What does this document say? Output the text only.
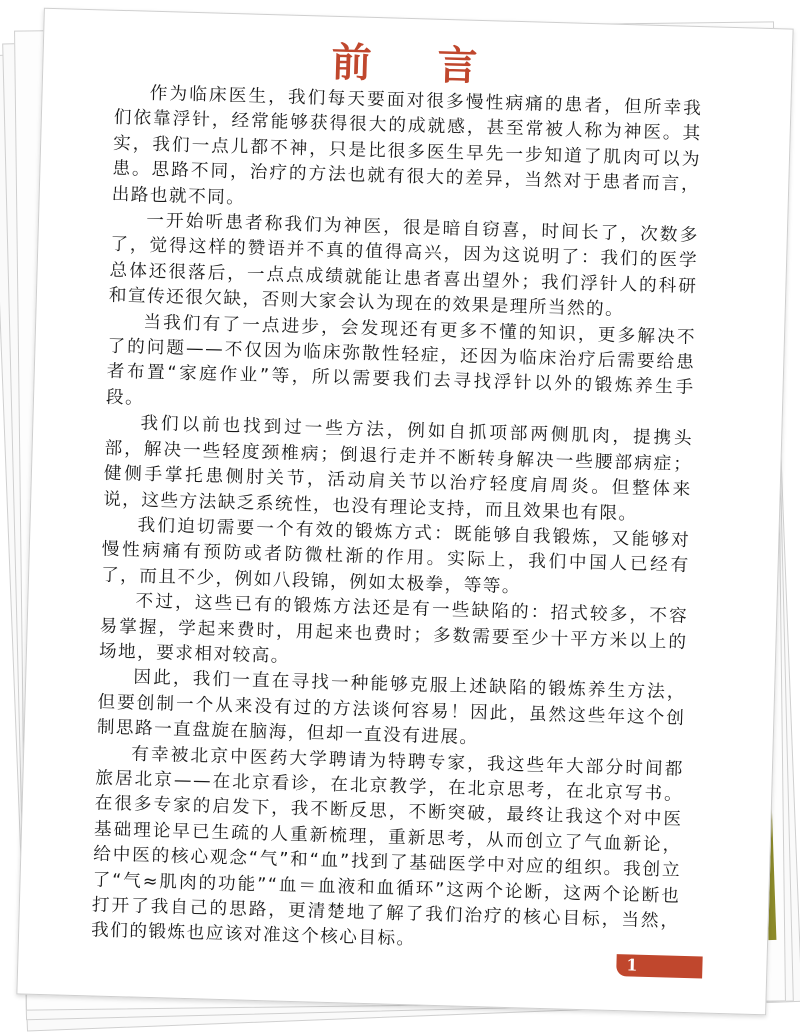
前 言

作为临床医生，我们每天要面对很多慢性病痛的患者，但所幸我们依靠浮针，经常能够获得很大的成就感，甚至常被人称为神医。其实，我们一点儿都不神，只是比很多医生早先一步知道了肌肉可以为患。思路不同，治疗的方法也就有很大的差异，当然对于患者而言，出路也就不同。

一开始听患者称我们为神医，很是暗自窃喜，时间长了，次数多了，觉得这样的赞语并不真的值得高兴，因为这说明了：我们的医学总体还很落后，一点点成绩就能让患者喜出望外；我们浮针人的科研和宣传还很欠缺，否则大家会认为现在的效果是理所当然的。

当我们有了一点进步，会发现还有更多不懂的知识，更多解决不了的问题——不仅因为临床弥散性轻症，还因为临床治疗后需要给患者布置“家庭作业”等，所以需要我们去寻找浮针以外的锻炼养生手段。

我们以前也找到过一些方法，例如自抓项部两侧肌肉，提携头部，解决一些轻度颈椎病；倒退行走并不断转身解决一些腰部病症；健侧手掌托患侧肘关节，活动肩关节以治疗轻度肩周炎。但整体来说，这些方法缺乏系统性，也没有理论支持，而且效果也有限。

我们迫切需要一个有效的锻炼方式：既能够自我锻炼，又能够对慢性病痛有预防或者防微杜渐的作用。实际上，我们中国人已经有了，而且不少，例如八段锦，例如太极拳，等等。

不过，这些已有的锻炼方法还是有一些缺陷的：招式较多，不容易掌握，学起来费时，用起来也费时；多数需要至少十平方米以上的场地，要求相对较高。

因此，我们一直在寻找一种能够克服上述缺陷的锻炼养生方法，但要创制一个从来没有过的方法谈何容易！因此，虽然这些年这个创制思路一直盘旋在脑海，但却一直没有进展。

有幸被北京中医药大学聘请为特聘专家，我这些年大部分时间都旅居北京——在北京看诊，在北京教学，在北京思考，在北京写书。在很多专家的启发下，我不断反思，不断突破，最终让我这个对中医基础理论早已生疏的人重新梳理，重新思考，从而创立了气血新论，给中医的核心观念“气”和“血”找到了基础医学中对应的组织。我创立了“气≈肌肉的功能”“血＝血液和血循环”这两个论断，这两个论断也打开了我自己的思路，更清楚地了解了我们治疗的核心目标，当然，我们的锻炼也应该对准这个核心目标。

1
